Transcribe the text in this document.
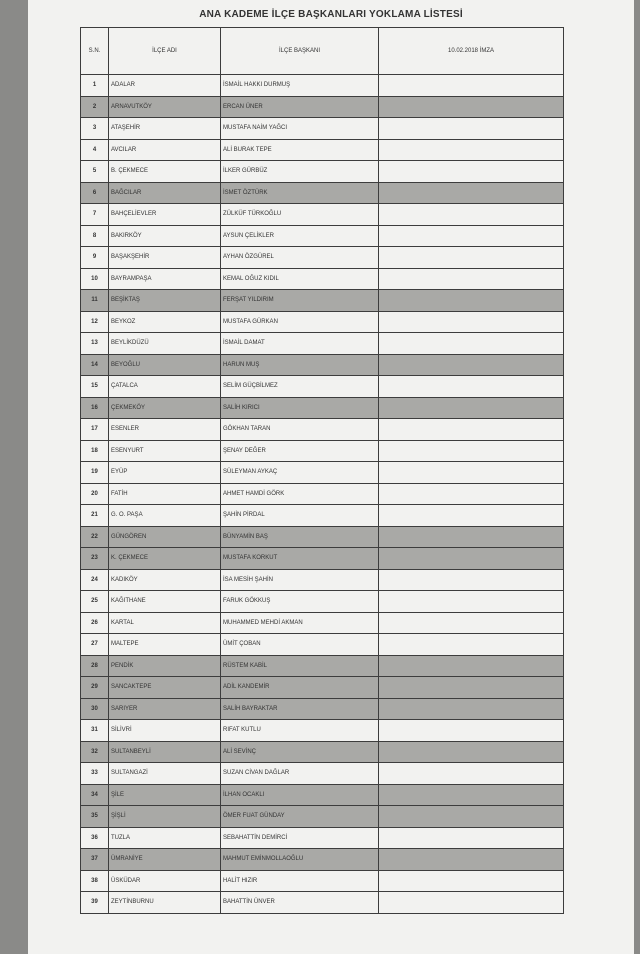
ANA KADEME İLÇE BAŞKANLARI YOKLAMA LİSTESİ
S.N.	İLÇE ADI	İLÇE BAŞKANI	10.02.2018 İMZA
1	ADALAR	İSMAİL HAKKI DURMUŞ	
2	ARNAVUTKÖY	ERCAN ÜNER	
3	ATAŞEHİR	MUSTAFA NAİM YAĞCI	
4	AVCILAR	ALİ BURAK TEPE	
5	B. ÇEKMECE	İLKER GÜRBÜZ	
6	BAĞCILAR	İSMET ÖZTÜRK	
7	BAHÇELİEVLER	ZÜLKÜF TÜRKOĞLU	
8	BAKIRKÖY	AYSUN ÇELİKLER	
9	BAŞAKŞEHİR	AYHAN ÖZGÜREL	
10	BAYRAMPAŞA	KEMAL OĞUZ KIDIL	
11	BEŞİKTAŞ	FERŞAT YILDIRIM	
12	BEYKOZ	MUSTAFA GÜRKAN	
13	BEYLİKDÜZÜ	İSMAİL DAMAT	
14	BEYOĞLU	HARUN MUŞ	
15	ÇATALCA	SELİM GÜÇBİLMEZ	
16	ÇEKMEKÖY	SALİH KIRICI	
17	ESENLER	GÖKHAN TARAN	
18	ESENYURT	ŞENAY DEĞER	
19	EYÜP	SÜLEYMAN AYKAÇ	
20	FATİH	AHMET HAMDİ GÖRK	
21	G. O. PAŞA	ŞAHİN PİRDAL	
22	GÜNGÖREN	BÜNYAMİN BAŞ	
23	K. ÇEKMECE	MUSTAFA KORKUT	
24	KADIKÖY	İSA MESİH ŞAHİN	
25	KAĞITHANE	FARUK GÖKKUŞ	
26	KARTAL	MUHAMMED MEHDİ AKMAN	
27	MALTEPE	ÜMİT ÇOBAN	
28	PENDİK	RÜSTEM KABİL	
29	SANCAKTEPE	ADİL KANDEMİR	
30	SARIYER	SALİH BAYRAKTAR	
31	SİLİVRİ	RIFAT KUTLU	
32	SULTANBEYLİ	ALİ SEVİNÇ	
33	SULTANGAZİ	SUZAN CİVAN DAĞLAR	
34	ŞİLE	İLHAN OCAKLI	
35	ŞİŞLİ	ÖMER FUAT GÜNDAY	
36	TUZLA	SEBAHATTİN DEMİRCİ	
37	ÜMRANİYE	MAHMUT EMİNMOLLAOĞLU	
38	ÜSKÜDAR	HALİT HIZIR	
39	ZEYTİNBURNU	BAHATTİN ÜNVER	
